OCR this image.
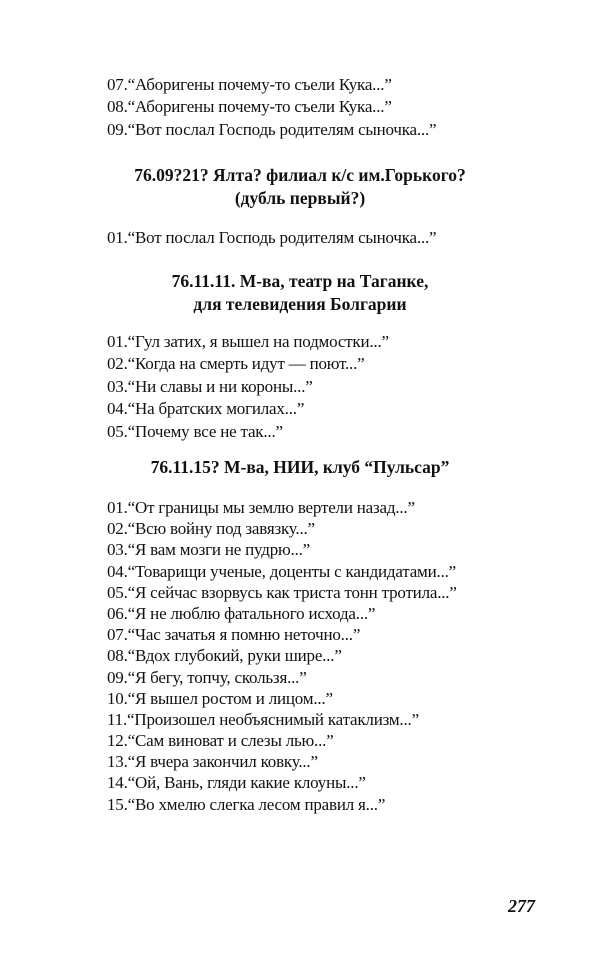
07.“Аборигены почему-то съели Кука...”
08.“Аборигены почему-то съели Кука...”
09.“Вот послал Господь родителям сыночка...”
76.09?21? Ялта? филиал к/с им.Горького?
(дубль первый?)
01.“Вот послал Господь родителям сыночка...”
76.11.11. М-ва, театр на Таганке,
для телевидения Болгарии
01.“Гул затих, я вышел на подмостки...”
02.“Когда на смерть идут — поют...”
03.“Ни славы и ни короны...”
04.“На братских могилах...”
05.“Почему все не так...”
76.11.15? М-ва, НИИ, клуб “Пульсар”
01.“От границы мы землю вертели назад...”
02.“Всю войну под завязку...”
03.“Я вам мозги не пудрю...”
04.“Товарищи ученые, доценты с кандидатами...”
05.“Я сейчас взорвусь как триста тонн тротила...”
06.“Я не люблю фатального исхода...”
07.“Час зачатья я помню неточно...”
08.“Вдох глубокий, руки шире...”
09.“Я бегу, топчу, скользя...”
10.“Я вышел ростом и лицом...”
11.“Произошел необъяснимый катаклизм...”
12.“Сам виноват и слезы лью...”
13.“Я вчера закончил ковку...”
14.“Ой, Вань, гляди какие клоуны...”
15.“Во хмелю слегка лесом правил я...”
277
